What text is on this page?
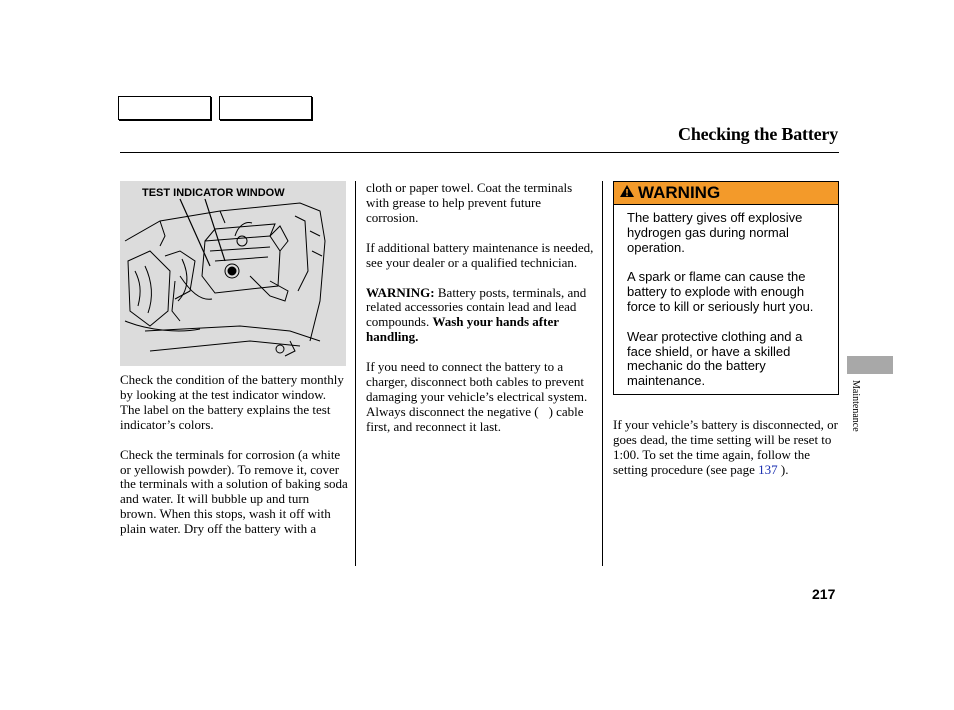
Checking the Battery
TEST INDICATOR WINDOW

Check the condition of the battery monthly by looking at the test indicator window. The label on the battery explains the test indicator’s colors.

Check the terminals for corrosion (a white or yellowish powder). To remove it, cover the terminals with a solution of baking soda and water. It will bubble up and turn brown. When this stops, wash it off with plain water. Dry off the battery with a

cloth or paper towel. Coat the terminals with grease to help prevent future corrosion.

If additional battery maintenance is needed, see your dealer or a qualified technician.

WARNING: Battery posts, terminals, and related accessories contain lead and lead compounds. Wash your hands after handling.

If you need to connect the battery to a charger, disconnect both cables to prevent damaging your vehicle’s electrical system. Always disconnect the negative ( ) cable first, and reconnect it last.

WARNING

The battery gives off explosive hydrogen gas during normal operation.

A spark or flame can cause the battery to explode with enough force to kill or seriously hurt you.

Wear protective clothing and a face shield, or have a skilled mechanic do the battery maintenance.

If your vehicle’s battery is disconnected, or goes dead, the time setting will be reset to 1:00. To set the time again, follow the setting procedure (see page 137 ).

Maintenance
217
